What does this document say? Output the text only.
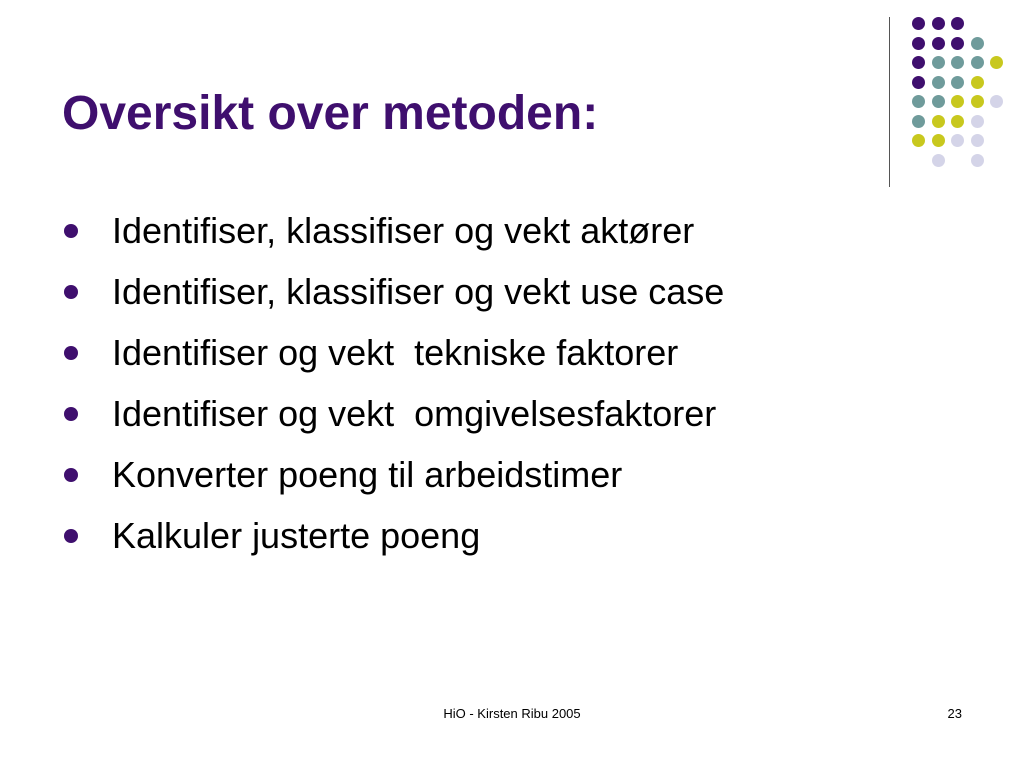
Oversikt over metoden:
Identifiser, klassifiser og vekt aktører
Identifiser, klassifiser og vekt use case
Identifiser og vekt  tekniske faktorer
Identifiser og vekt  omgivelsesfaktorer
Konverter poeng til arbeidstimer
Kalkuler justerte poeng
HiO - Kirsten Ribu 2005	23
